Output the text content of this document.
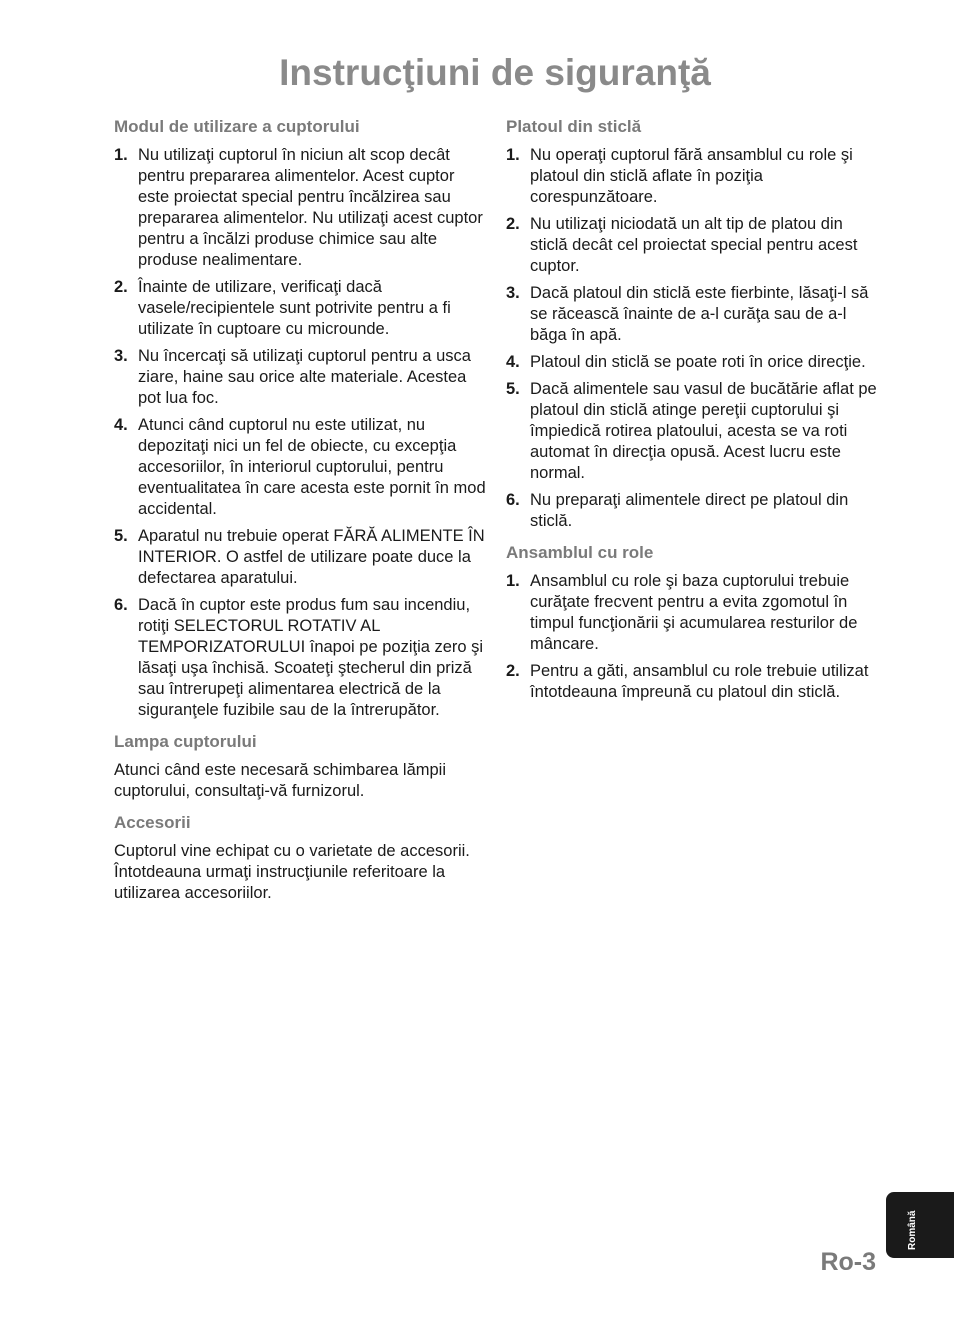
Instrucţiuni de siguranţă
Modul de utilizare a cuptorului
1. Nu utilizaţi cuptorul în niciun alt scop decât pentru prepararea alimentelor. Acest cuptor este proiectat special pentru încălzirea sau prepararea alimentelor. Nu utilizaţi acest cuptor pentru a încălzi produse chimice sau alte produse nealimentare.
2. Înainte de utilizare, verificaţi dacă vasele/recipientele sunt potrivite pentru a fi utilizate în cuptoare cu microunde.
3. Nu încercaţi să utilizaţi cuptorul pentru a usca ziare, haine sau orice alte materiale. Acestea pot lua foc.
4. Atunci când cuptorul nu este utilizat, nu depozitaţi nici un fel de obiecte, cu excepţia accesoriilor, în interiorul cuptorului, pentru eventualitatea în care acesta este pornit în mod accidental.
5. Aparatul nu trebuie operat FĂRĂ ALIMENTE ÎN INTERIOR. O astfel de utilizare poate duce la defectarea aparatului.
6. Dacă în cuptor este produs fum sau incendiu, rotiţi SELECTORUL ROTATIV AL TEMPORIZATORULUI înapoi pe poziţia zero şi lăsaţi uşa închisă. Scoateţi ştecherul din priză sau întrerupeţi alimentarea electrică de la siguranţele fuzibile sau de la întrerupător.
Lampa cuptorului

Atunci când este necesară schimbarea lămpii cuptorului, consultaţi-vă furnizorul.

Accesorii

Cuptorul vine echipat cu o varietate de accesorii. Întotdeauna urmaţi instrucţiunile referitoare la utilizarea accesoriilor.

Platoul din sticlă
1. Nu operaţi cuptorul fără ansamblul cu role şi platoul din sticlă aflate în poziţia corespunzătoare.
2. Nu utilizaţi niciodată un alt tip de platou din sticlă decât cel proiectat special pentru acest cuptor.
3. Dacă platoul din sticlă este fierbinte, lăsaţi-l să se răcească înainte de a-l curăţa sau de a-l băga în apă.
4. Platoul din sticlă se poate roti în orice direcţie.
5. Dacă alimentele sau vasul de bucătărie aflat pe platoul din sticlă atinge pereţii cuptorului şi împiedică rotirea platoului, acesta se va roti automat în direcţia opusă. Acest lucru este normal.
6. Nu preparaţi alimentele direct pe platoul din sticlă.
Ansamblul cu role
1. Ansamblul cu role şi baza cuptorului trebuie curăţate frecvent pentru a evita zgomotul în timpul funcţionării şi acumularea resturilor de mâncare.
2. Pentru a găti, ansamblul cu role trebuie utilizat întotdeauna împreună cu platoul din sticlă.
Română
Ro-3
